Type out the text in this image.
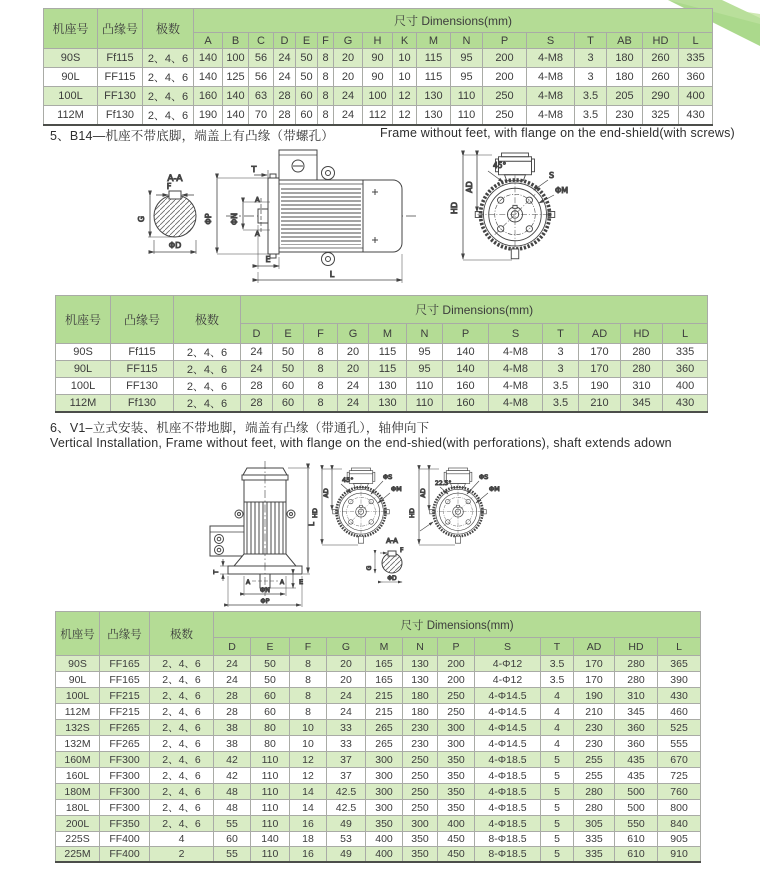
机座号	凸缘号	极数	尺寸 Dimensions(mm)																
			A	B	C	D	E	F	G	H	K	M	N	P	S	T	AB	HD	L
90S	Ff115	2、4、6	140	100	56	24	50	8	20	90	10	115	95	200	4-M8	3	180	260	335
90L	FF115	2、4、6	140	125	56	24	50	8	20	90	10	115	95	200	4-M8	3	180	260	360
100L	FF130	2、4、6	160	140	63	28	60	8	24	100	12	130	110	250	4-M8	3.5	205	290	400
112M	Ff130	2、4、6	190	140	70	28	60	8	24	112	12	130	110	250	4-M8	3.5	230	325	430
5、B14—机座不带底脚，端盖上有凸缘（带螺孔）	Frame without feet, with flange on the end-shield(with screws)
A-A
F
G
ΦD
T
ΦP ΦN
A
A
E
L
HD
AD
45°
S
ΦM
机座号	凸缘号	极数	尺寸 Dimensions(mm)											
			D	E	F	G	M	N	P	S	T	AD	HD	L
90S	Ff115	2、4、6	24	50	8	20	115	95	140	4-M8	3	170	280	335
90L	FF115	2、4、6	24	50	8	20	115	95	140	4-M8	3	170	280	360
100L	FF130	2、4、6	28	60	8	24	130	110	160	4-M8	3.5	190	310	400
112M	Ff130	2、4、6	28	60	8	24	130	110	160	4-M8	3.5	210	345	430
6、V1–立式安装、机座不带地脚，端盖有凸缘（带通孔），轴伸向下
Vertical Installation, Frame without feet, with flange on the end-shied(with perforations), shaft extends adown
L
T
A	A E
ΦN
ΦP
HD
AD
45°	ΦS
ΦM
HD
AD
22.5°
ΦS
ΦM
A-A
F
G
ΦD
机座号	凸缘号	极数	尺寸 Dimensions(mm)											
			D	E	F	G	M	N	P	S	T	AD	HD	L
90S	FF165	2、4、6	24	50	8	20	165	130	200	4-Φ12	3.5	170	280	365
90L	FF165	2、4、6	24	50	8	20	165	130	200	4-Φ12	3.5	170	280	390
100L	FF215	2、4、6	28	60	8	24	215	180	250	4-Φ14.5	4	190	310	430
112M	FF215	2、4、6	28	60	8	24	215	180	250	4-Φ14.5	4	210	345	460
132S	FF265	2、4、6	38	80	10	33	265	230	300	4-Φ14.5	4	230	360	525
132M	FF265	2、4、6	38	80	10	33	265	230	300	4-Φ14.5	4	230	360	555
160M	FF300	2、4、6	42	110	12	37	300	250	350	4-Φ18.5	5	255	435	670
160L	FF300	2、4、6	42	110	12	37	300	250	350	4-Φ18.5	5	255	435	725
180M	FF300	2、4、6	48	110	14	42.5	300	250	350	4-Φ18.5	5	280	500	760
180L	FF300	2、4、6	48	110	14	42.5	300	250	350	4-Φ18.5	5	280	500	800
200L	FF350	2、4、6	55	110	16	49	350	300	400	4-Φ18.5	5	305	550	840
225S	FF400	4	60	140	18	53	400	350	450	8-Φ18.5	5	335	610	905
225M	FF400	2	55	110	16	49	400	350	450	8-Φ18.5	5	335	610	910
